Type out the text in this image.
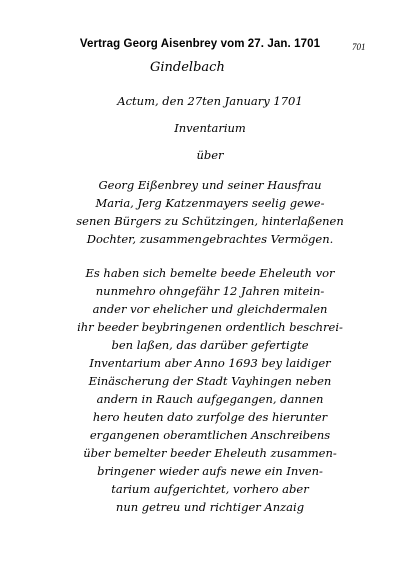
Vertrag Georg Aisenbrey vom 27. Jan. 1701	701
Gindelbach
Actum, den 27ten January 1701
Inventarium
über
Georg Eißenbrey und seiner Hausfrau
Maria, Jerg Katzenmayers seelig gewe-
senen Bürgers zu Schützingen, hinterlaßenen
Dochter, zusammengebrachtes Vermögen.
Es haben sich bemelte beede Eheleuth vor
nunmehro ohngefähr 12 Jahren mitein-
ander vor ehelicher und gleichdermalen
ihr beeder beybringenen ordentlich beschrei-
ben laßen, das darüber gefertigte
Inventarium aber Anno 1693 bey laidiger
Einäscherung der Stadt Vayhingen neben
andern in Rauch aufgegangen, dannen
hero heuten dato zurfolge des hierunter
ergangenen oberamtlichen Anschreibens
über bemelter beeder Eheleuth zusammen-
bringener wieder aufs newe ein Inven-
tarium aufgerichtet, vorhero aber
nun getreu und richtiger Anzaig
